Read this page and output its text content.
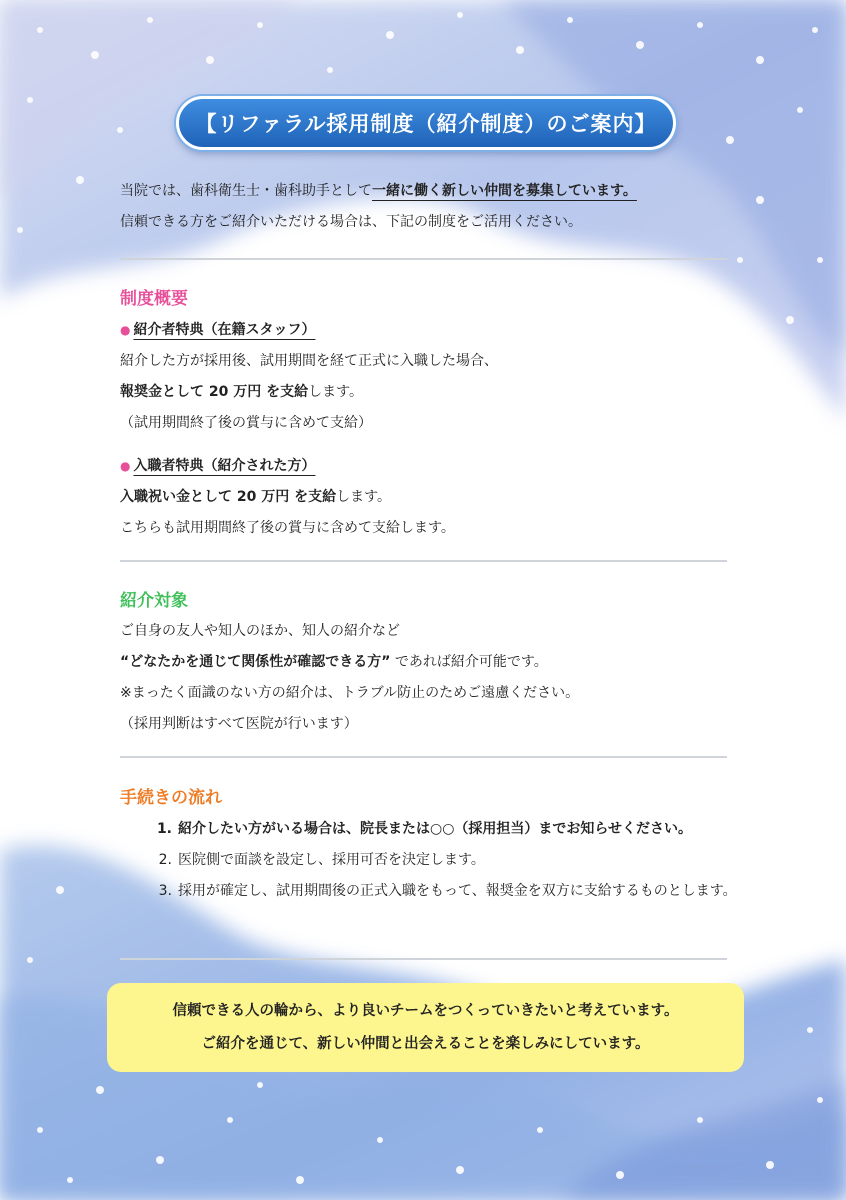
【リファラル採用制度（紹介制度）のご案内】
当院では、歯科衛生士・歯科助手として一緒に働く新しい仲間を募集しています。
信頼できる方をご紹介いただける場合は、下記の制度をご活用ください。
制度概要
● 紹介者特典（在籍スタッフ）
紹介した方が採用後、試用期間を経て正式に入職した場合、
報奨金として 20 万円 を支給します。
（試用期間終了後の賞与に含めて支給）
● 入職者特典（紹介された方）
入職祝い金として 20 万円 を支給します。
こちらも試用期間終了後の賞与に含めて支給します。
紹介対象
ご自身の友人や知人のほか、知人の紹介など
“どなたかを通じて関係性が確認できる方” であれば紹介可能です。
※まったく面識のない方の紹介は、トラブル防止のためご遠慮ください。
（採用判断はすべて医院が行います）
手続きの流れ
1. 紹介したい方がいる場合は、院長または○○（採用担当）までお知らせください。
2. 医院側で面談を設定し、採用可否を決定します。
3. 採用が確定し、試用期間後の正式入職をもって、報奨金を双方に支給するものとします。
信頼できる人の輪から、より良いチームをつくっていきたいと考えています。
ご紹介を通じて、新しい仲間と出会えることを楽しみにしています。
